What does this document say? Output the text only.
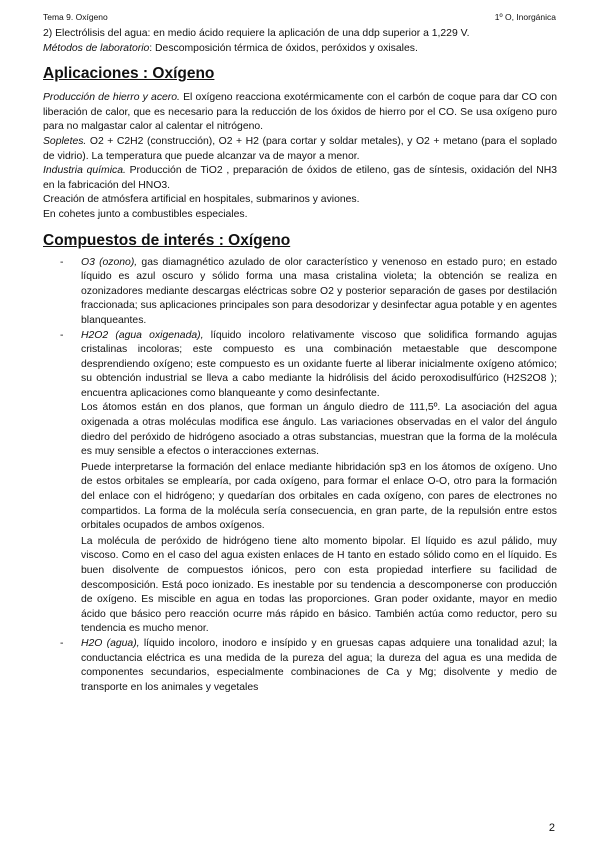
Tema 9. Oxígeno	1º O, Inorgánica

2) Electrólisis del agua: en medio ácido requiere la aplicación de una ddp superior a 1,229 V.

Métodos de laboratorio: Descomposición térmica de óxidos, peróxidos y oxisales.

Aplicaciones : Oxígeno

Producción de hierro y acero. El oxígeno reacciona exotérmicamente con el carbón de coque para dar CO con liberación de calor, que es necesario para la reducción de los óxidos de hierro por el CO. Se usa oxígeno puro para no malgastar calor al calentar el nitrógeno.

Sopletes. O2 + C2H2 (construcción), O2 + H2 (para cortar y soldar metales), y O2 + metano (para el soplado de vidrio). La temperatura que puede alcanzar va de mayor a menor.

Industria química. Producción de TiO2 , preparación de óxidos de etileno, gas de síntesis, oxidación del NH3 en la fabricación del HNO3.

Creación de atmósfera artificial en hospitales, submarinos y aviones.

En cohetes junto a combustibles especiales.

Compuestos de interés : Oxígeno
- O3 (ozono), gas diamagnético azulado de olor característico y venenoso en estado puro; en estado líquido es azul oscuro y sólido forma una masa cristalina violeta; la obtención se realiza en ozonizadores mediante descargas eléctricas sobre O2 y posterior separación de gases por destilación fraccionada; sus aplicaciones principales son para desodorizar y desinfectar agua potable y en agentes blanqueantes.

- H2O2 (agua oxigenada), líquido incoloro relativamente viscoso que solidifica formando agujas cristalinas incoloras; este compuesto es una combinación metaestable que descompone desprendiendo oxígeno; este compuesto es un oxidante fuerte al liberar inicialmente oxígeno atómico; su obtención industrial se lleva a cabo mediante la hidrólisis del ácido peroxodisulfúrico (H2S2O8 ); encuentra aplicaciones como blanqueante y como desinfectante.

Los átomos están en dos planos, que forman un ángulo diedro de 111,5º. La asociación del agua oxigenada a otras moléculas modifica ese ángulo. Las variaciones observadas en el valor del ángulo diedro del peróxido de hidrógeno asociado a otras substancias, muestran que la forma de la molécula es muy sensible a efectos o interacciones externas.

Puede interpretarse la formación del enlace mediante hibridación sp3 en los átomos de oxígeno. Uno de estos orbitales se emplearía, por cada oxígeno, para formar el enlace O-O, otro para la formación del enlace con el hidrógeno; y quedarían dos orbitales en cada oxígeno, con pares de electrones no compartidos. La forma de la molécula sería consecuencia, en gran parte, de la repulsión entre estos orbitales ocupados de ambos oxígenos.

La molécula de peróxido de hidrógeno tiene alto momento bipolar. El líquido es azul pálido, muy viscoso. Como en el caso del agua existen enlaces de H tanto en estado sólido como en el líquido. Es buen disolvente de compuestos iónicos, pero con esta propiedad interfiere su facilidad de descomposición. Está poco ionizado. Es inestable por su tendencia a descomponerse con producción de oxígeno. Es miscible en agua en todas las proporciones. Gran poder oxidante, mayor en medio ácido que básico pero reacción ocurre más rápido en básico. También actúa como reductor, pero su tendencia es mucho menor.

- H2O (agua), líquido incoloro, inodoro e insípido y en gruesas capas adquiere una tonalidad azul; la conductancia eléctrica es una medida de la pureza del agua; la dureza del agua es una medida de componentes secundarios, especialmente combinaciones de Ca y Mg; disolvente y medio de transporte en los animales y vegetales

2
